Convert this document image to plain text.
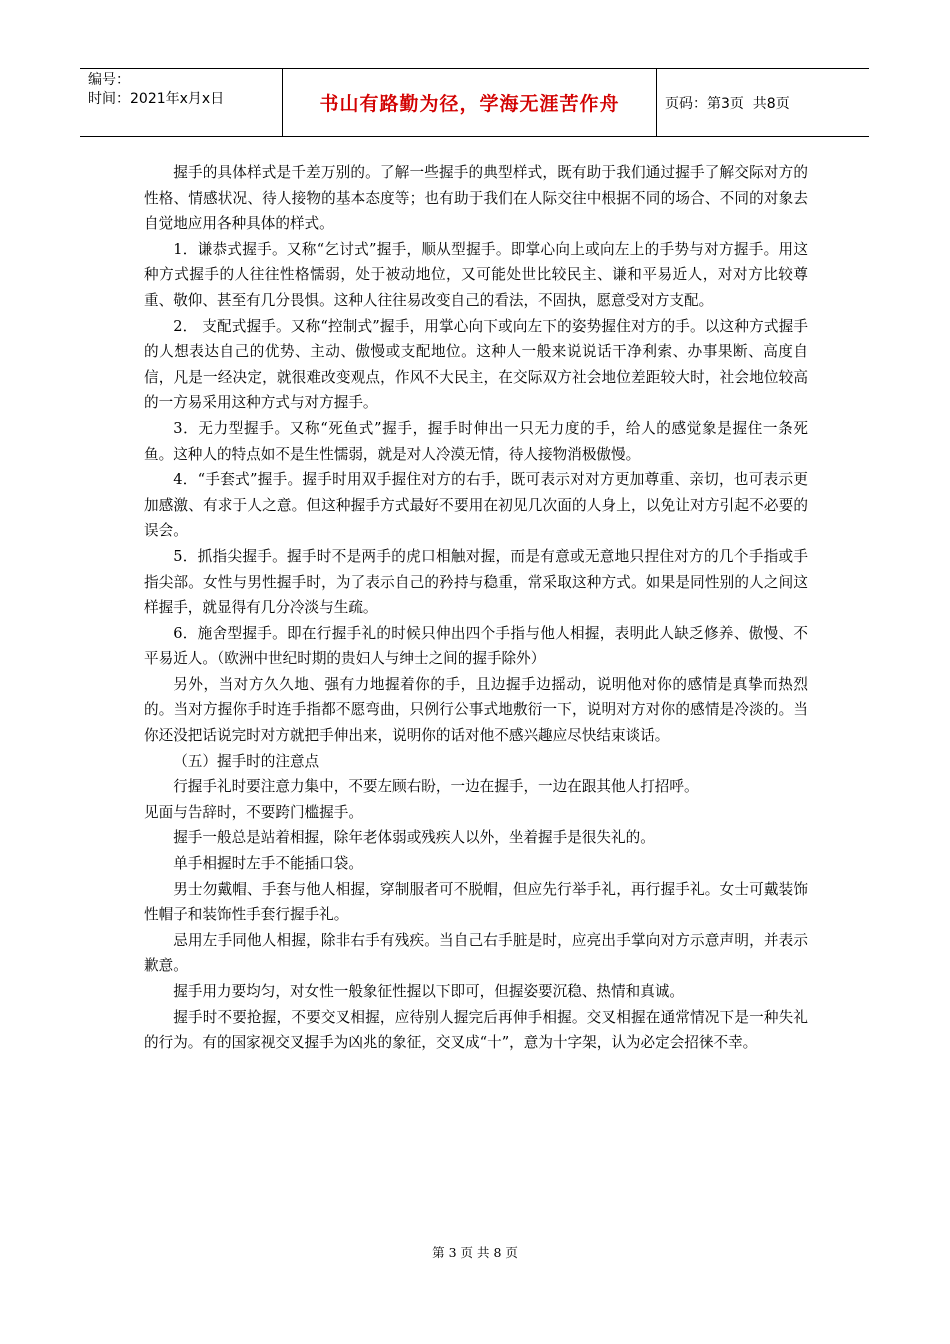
编号：
时间：2021年x月x日	书山有路勤为径，学海无涯苦作舟	页码：第3页  共8页

握手的具体样式是千差万别的。了解一些握手的典型样式，既有助于我们通过握手了解交际对方的性格、情感状况、待人接物的基本态度等；也有助于我们在人际交往中根据不同的场合、不同的对象去自觉地应用各种具体的样式。

1．谦恭式握手。又称“乞讨式”握手，顺从型握手。即掌心向上或向左上的手势与对方握手。用这种方式握手的人往往性格懦弱，处于被动地位，又可能处世比较民主、谦和平易近人，对对方比较尊重、敬仰、甚至有几分畏惧。这种人往往易改变自己的看法，不固执，愿意受对方支配。

2． 支配式握手。又称“控制式”握手，用掌心向下或向左下的姿势握住对方的手。以这种方式握手的人想表达自己的优势、主动、傲慢或支配地位。这种人一般来说说话干净利索、办事果断、高度自信，凡是一经决定，就很难改变观点，作风不大民主，在交际双方社会地位差距较大时，社会地位较高的一方易采用这种方式与对方握手。

3．无力型握手。又称“死鱼式”握手，握手时伸出一只无力度的手，给人的感觉象是握住一条死鱼。这种人的特点如不是生性懦弱，就是对人冷漠无情，待人接物消极傲慢。

4．“手套式”握手。握手时用双手握住对方的右手，既可表示对对方更加尊重、亲切，也可表示更加感激、有求于人之意。但这种握手方式最好不要用在初见几次面的人身上，以免让对方引起不必要的误会。

5．抓指尖握手。握手时不是两手的虎口相触对握，而是有意或无意地只捏住对方的几个手指或手指尖部。女性与男性握手时，为了表示自己的矜持与稳重，常采取这种方式。如果是同性别的人之间这样握手，就显得有几分冷淡与生疏。

6．施舍型握手。即在行握手礼的时候只伸出四个手指与他人相握，表明此人缺乏修养、傲慢、不平易近人。（欧洲中世纪时期的贵妇人与绅士之间的握手除外）

另外，当对方久久地、强有力地握着你的手，且边握手边摇动，说明他对你的感情是真挚而热烈的。当对方握你手时连手指都不愿弯曲，只例行公事式地敷衍一下，说明对方对你的感情是冷淡的。当你还没把话说完时对方就把手伸出来，说明你的话对他不感兴趣应尽快结束谈话。

（五）握手时的注意点

行握手礼时要注意力集中，不要左顾右盼，一边在握手，一边在跟其他人打招呼。

见面与告辞时，不要跨门槛握手。

握手一般总是站着相握，除年老体弱或残疾人以外，坐着握手是很失礼的。

单手相握时左手不能插口袋。

男士勿戴帽、手套与他人相握，穿制服者可不脱帽，但应先行举手礼，再行握手礼。女士可戴装饰性帽子和装饰性手套行握手礼。

忌用左手同他人相握，除非右手有残疾。当自己右手脏是时，应亮出手掌向对方示意声明，并表示歉意。

握手用力要均匀，对女性一般象征性握以下即可，但握姿要沉稳、热情和真诚。

握手时不要抢握，不要交叉相握，应待别人握完后再伸手相握。交叉相握在通常情况下是一种失礼的行为。有的国家视交叉握手为凶兆的象征，交叉成“十”，意为十字架，认为必定会招徕不幸。

第 3 页 共 8 页
